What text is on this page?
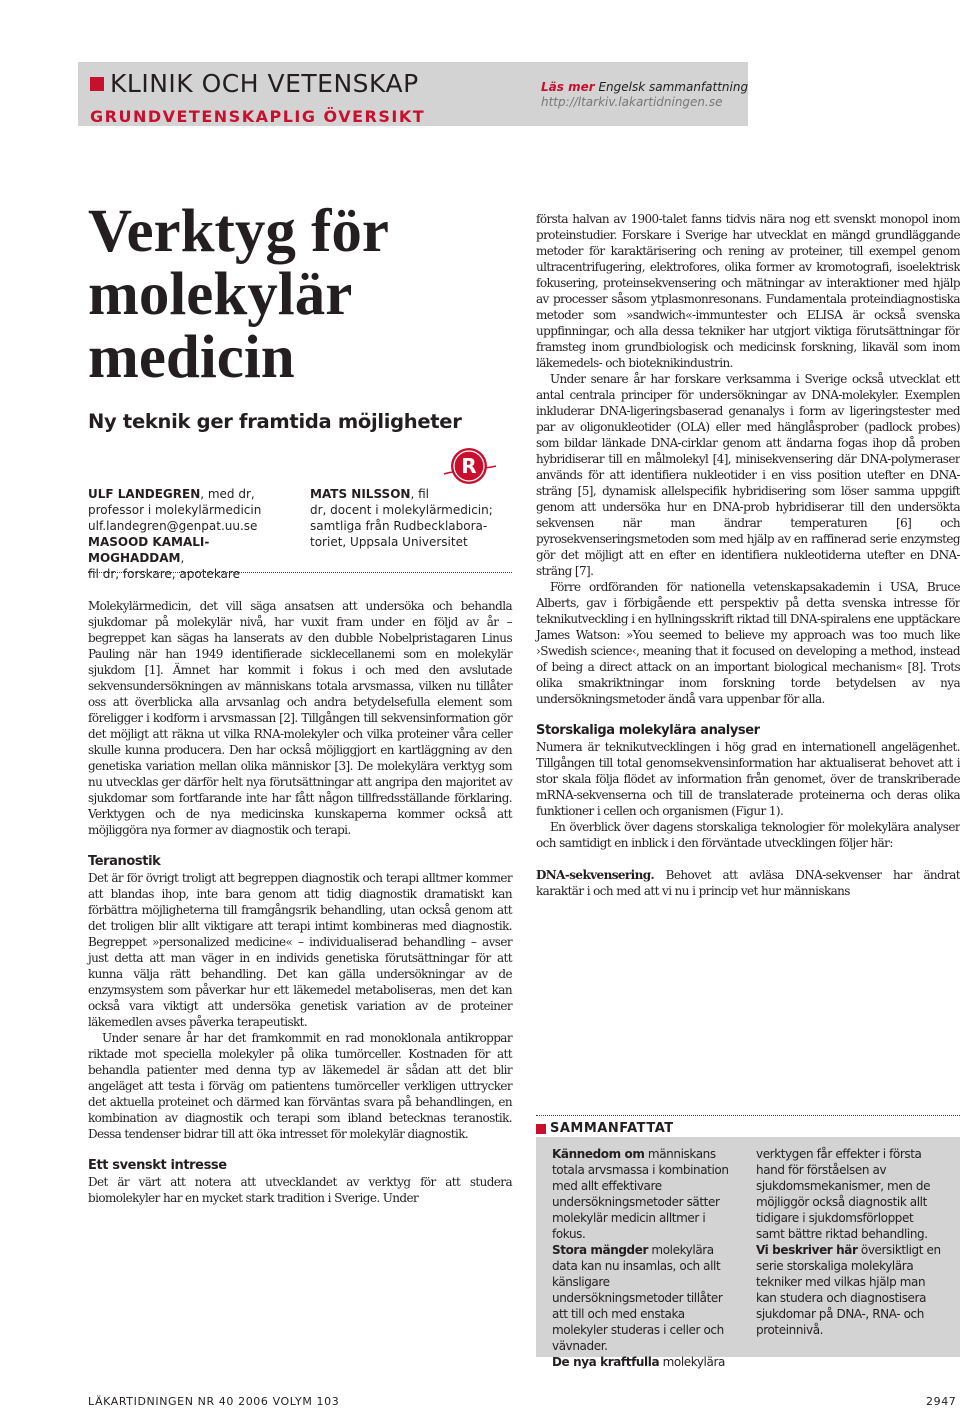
KLINIK OCH VETENSKAP
GRUNDVETENSKAPLIG ÖVERSIKT
Läs mer Engelsk sammanfattning
http://ltarkiv.lakartidningen.se
Verktyg för
molekylär
medicin
Ny teknik ger framtida möjligheter
ULF LANDEGREN, med dr,
professor i molekylärmedicin
ulf.landegren@genpat.uu.se
MASOOD KAMALI-MOGHADDAM,
fil dr, forskare, apotekare
MATS NILSSON, fil
dr, docent i molekylärmedicin;
samtliga från Rudbecklabora-
toriet, Uppsala Universitet
R

Molekylärmedicin, det vill säga ansatsen att undersöka och behandla sjukdomar på molekylär nivå, har vuxit fram under en följd av år – begreppet kan sägas ha lanserats av den dubble Nobelpristagaren Linus Pauling när han 1949 identifierade sicklecellanemi som en molekylär sjukdom [1]. Ämnet har kommit i fokus i och med den avslutade sekvensundersökningen av människans totala arvsmassa, vilken nu tillåter oss att överblicka alla arvsanlag och andra betydelsefulla element som föreligger i kodform i arvsmassan [2]. Tillgången till sekvensinformation gör det möjligt att räkna ut vilka RNA-molekyler och vilka proteiner våra celler skulle kunna producera. Den har också möjliggjort en kartläggning av den genetiska variation mellan olika människor [3]. De molekylära verktyg som nu utvecklas ger därför helt nya förutsättningar att angripa den majoritet av sjukdomar som fortfarande inte har fått någon tillfredsställande förklaring. Verktygen och de nya medicinska kunskaperna kommer också att möjliggöra nya former av diagnostik och terapi.

Teranostik

Det är för övrigt troligt att begreppen diagnostik och terapi alltmer kommer att blandas ihop, inte bara genom att tidig diagnostik dramatiskt kan förbättra möjligheterna till framgångsrik behandling, utan också genom att det troligen blir allt viktigare att terapi intimt kombineras med diagnostik. Begreppet »personalized medicine« – individualiserad behandling – avser just detta att man väger in en individs genetiska förutsättningar för att kunna välja rätt behandling. Det kan gälla undersökningar av de enzymsystem som påverkar hur ett läkemedel metaboliseras, men det kan också vara viktigt att undersöka genetisk variation av de proteiner läkemedlen avses påverka terapeutiskt.

Under senare år har det framkommit en rad monoklonala antikroppar riktade mot speciella molekyler på olika tumörceller. Kostnaden för att behandla patienter med denna typ av läkemedel är sådan att det blir angeläget att testa i förväg om patientens tumörceller verkligen uttrycker det aktuella proteinet och därmed kan förväntas svara på behandlingen, en kombination av diagnostik och terapi som ibland betecknas teranostik. Dessa tendenser bidrar till att öka intresset för molekylär diagnostik.

Ett svenskt intresse

Det är värt att notera att utvecklandet av verktyg för att studera biomolekyler har en mycket stark tradition i Sverige. Under

första halvan av 1900-talet fanns tidvis nära nog ett svenskt monopol inom proteinstudier. Forskare i Sverige har utvecklat en mängd grundläggande metoder för karaktärisering och rening av proteiner, till exempel genom ultracentrifugering, elektrofores, olika former av kromotografi, isoelektrisk fokusering, proteinsekvensering och mätningar av interaktioner med hjälp av processer såsom ytplasmonresonans. Fundamentala proteindiagnostiska metoder som »sandwich«-immuntester och ELISA är också svenska uppfinningar, och alla dessa tekniker har utgjort viktiga förutsättningar för framsteg inom grundbiologisk och medicinsk forskning, likaväl som inom läkemedels- och bioteknikindustrin.

Under senare år har forskare verksamma i Sverige också utvecklat ett antal centrala principer för undersökningar av DNA-molekyler. Exemplen inkluderar DNA-ligeringsbaserad genanalys i form av ligeringstester med par av oligonukleotider (OLA) eller med hänglåsprober (padlock probes) som bildar länkade DNA-cirklar genom att ändarna fogas ihop då proben hybridiserar till en målmolekyl [4], minisekvensering där DNA-polymeraser används för att identifiera nukleotider i en viss position utefter en DNA-sträng [5], dynamisk allelspecifik hybridisering som löser samma uppgift genom att undersöka hur en DNA-prob hybridiserar till den undersökta sekvensen när man ändrar temperaturen [6] och pyrosekvenseringsmetoden som med hjälp av en raffinerad serie enzymsteg gör det möjligt att en efter en identifiera nukleotiderna utefter en DNA-sträng [7].

Förre ordföranden för nationella vetenskapsakademin i USA, Bruce Alberts, gav i förbigående ett perspektiv på detta svenska intresse för teknikutveckling i en hyllningsskrift riktad till DNA-spiralens ene upptäckare James Watson: »You seemed to believe my approach was too much like ›Swedish science‹, meaning that it focused on developing a method, instead of being a direct attack on an important biological mechanism« [8]. Trots olika smakriktningar inom forskning torde betydelsen av nya undersökningsmetoder ändå vara uppenbar för alla.

Storskaliga molekylära analyser

Numera är teknikutvecklingen i hög grad en internationell angelägenhet. Tillgången till total genomsekvensinformation har aktualiserat behovet att i stor skala följa flödet av information från genomet, över de transkriberade mRNA-sekvenserna och till de translaterade proteinerna och deras olika funktioner i cellen och organismen (Figur 1).

En överblick över dagens storskaliga teknologier för molekylära analyser och samtidigt en inblick i den förväntade utvecklingen följer här:

DNA-sekvensering. Behovet att avläsa DNA-sekvenser har ändrat karaktär i och med att vi nu i princip vet hur människans

SAMMANFATTAT
Kännedom om människans totala arvsmassa i kombination med allt effektivare undersökningsmetoder sätter molekylär medicin alltmer i fokus.
Stora mängder molekylära data kan nu insamlas, och allt känsligare undersökningsmetoder tillåter att till och med enstaka molekyler studeras i celler och vävnader.
De nya kraftfulla molekylära
verktygen får effekter i första hand för förståelsen av sjukdomsmekanismer, men de möjliggör också diagnostik allt tidigare i sjukdomsförloppet samt bättre riktad behandling.
Vi beskriver här översiktligt en serie storskaliga molekylära tekniker med vilkas hjälp man kan studera och diagnostisera sjukdomar på DNA-, RNA- och proteinnivå.
LÄKARTIDNINGEN NR 40 2006 VOLYM 103	2947
